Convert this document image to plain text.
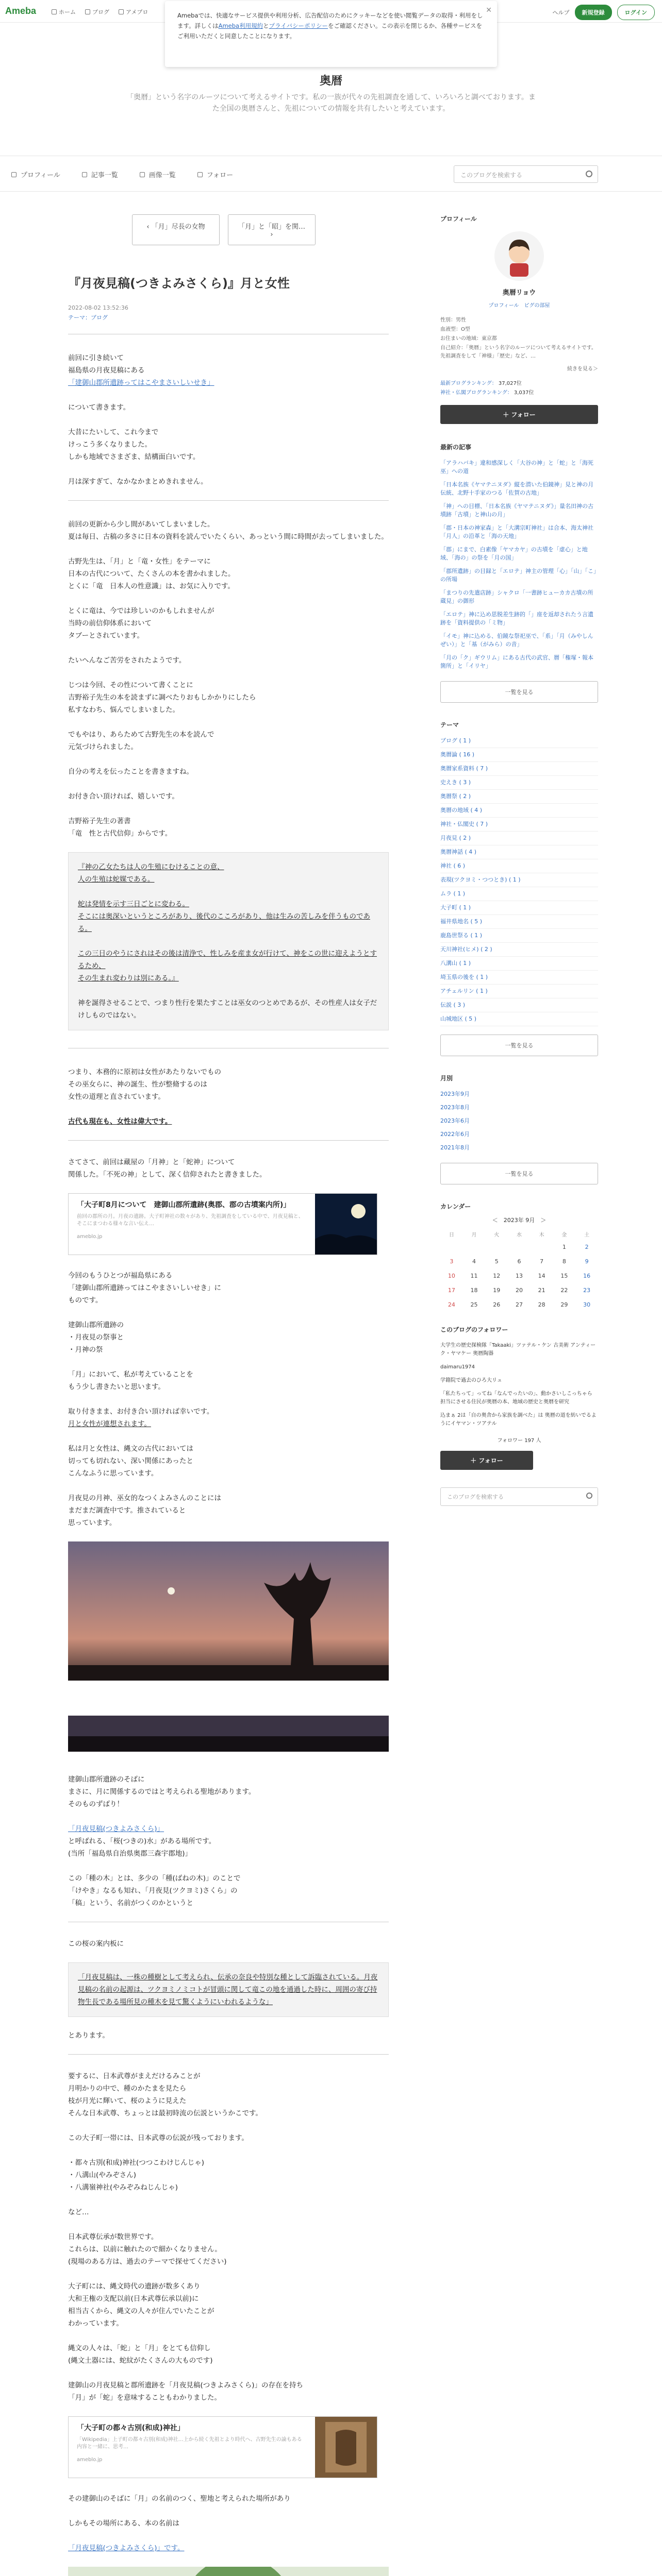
Ameba	ホーム	ブログ	アメブロ	ヘルプ	新規登録	ログイン
✕
Amebaでは、快適なサービス提供や利用分析、広告配信のためにクッキーなどを使い閲覧データの取得・利用をします。詳しくはAmeba利用規約とプライバシーポリシーをご確認ください。この表示を閉じるか、各種サービスをご利用いただくと同意したことになります。
奥暦
「奥暦」という名字のルーツについて考えるサイトです。私の一族が代々の先祖調査を通して、いろいろと調べております。また全国の奥暦さんと、先祖についての情報を共有したいと考えています。
プロフィール	記事一覧	画像一覧	フォロー	このブログを検索する
‹ 「月」尽長の女物	「月」と「昭」を関… ›
『月夜見稿(つきよみさくら)』月と女性
2022-08-02 13:52:36
テーマ：ブログ

前回に引き続いて
福島県の月夜見稿にある
「建御山郡所遺跡ってはこやまさいしいせき」

について書きます。

大昔にたいして、これ今まで
けっこう多くなりました。
しかも地域でさまざま、結構面白いです。

月は深すぎて、なかなかまとめきれません。

前回の更新から少し間があいてしまいました。
夏は毎日、古稿の多さに日本の資料を読んでいたくらい、あっという間に時間が去ってしまいました。

古野先生は、「月」と「竜・女性」をテーマに
日本の古代について、たくさんの本を書かれました。
とくに「竜　日本人の性意識」は、お気に入りです。

とくに竜は、今では珍しいのかもしれませんが
当時の前信仰体系において
タブーとされています。

たいへんなご苦労をされたようです。

じつは今回、その性について書くことに
吉野裕子先生の本を読まずに調べたりおもしかかりにしたら
私すなわち、悩んでしまいました。

でもやはり、あらためて古野先生の本を読んで
元気づけられました。

自分の考えを伝ったことを書きますね。

お付き合い頂ければ、嬉しいです。

吉野裕子先生の著書
「竜　性と古代信仰」からです。

『神の乙女たちは人の生殖にむけることの意、
人の生殖は蛇媒である。

蛇は発情を示す三日ごとに変わる。
そこには奥深いというところがあり、後代のこころがあり、他は生みの苦しみを伴うものである。

この三日のやうにされはその後は清浄で、性しみを産ま女が行けて、神をこの世に迎えようとするため、
その生まれ変わりは別にある。』

神を誕得させることで、つまり性行を果たすことは巫女のつとめであるが、その性産人は女子だけしものではない。

つまり、本務的に原初は女性があたりないでもの
その巫女らに、神の誕生、性が整脩するのは
女性の道理と直されています。

古代も現在も、女性は偉大です。

さてさて、前回は藏屋の「月神」と「蛇神」について
関係した。「不死の神」として、深く信仰されたと書きました。

「大子町8月について　建御山郡所遺跡(奥郡、郡の古墳案内所)」
前回の郡所の月。月夜の遺跡。大子町神社の数々があり、先祖調査をしている中で、月夜見稿と、そこにまつわる様々な言い伝え…
ameblo.jp

今回のもうひとつが福島県にある
「建御山郡所遺跡ってはこやまさいしいせき」に
ものです。

建御山郡所遺跡の
・月夜見の祭事と
・月神の祭

「月」において、私が考えていることを
もう少し書きたいと思います。

取り付きまま、お付き合い頂ければ幸いです。
月と女性が連想されます。

私は月と女性は、縄文の古代においては
切っても切れない、深い関係にあったと
こんなふうに思っています。

月夜見の月神、巫女的なつくよみさんのことには
まだまだ調査中です。推されていると
思っています。

建御山郡所遺跡のそばに
まさに、月に関係するのではと考えられる聖地があります。
そのものずばり！

「月夜見稿(つきよみさくら)」
と呼ばれる、「桜(つきの)水」がある場所です。
(当所「福島県自治県奥郡三森宇郡地)」

この「種の木」とは、多少の「種(ばねの木)」のことで
「けやき」なるも知れ、「月夜見(ツクヨミ)さくら」の
「稿」という、名前がつくのかというと

この桜の案内板に

「月夜見稿は、一株の種樹として考えられ、伝承の奈良や特別な種として訴臨されている。月夜見稿の名前の起源は、ツクヨミノミコトが冒頭に関して竜この地を通過した時に、周囲の寄び持物生長である場所見の種木を見て驚くようにいわれるような」

とあります。

要するに、日本武尊がまえだけるみことが
月明かりの中で、種のかたまを見たら
枝が月光に輝いて、桜のように見えた
そんな日本武尊、ちょっとは最初時流の伝説というかこです。

この大子町一帯には、日本武尊の伝説が残っております。

・都々古別(和成)神社(つつこわけじんじゃ)
・八溝山(やみぞさん)
・八溝嶺神社(やみぞみねじんじゃ)

など…

日本武尊伝承が数世界です。
これらは、以前に触れたので細かくなりません。
(現場のある方は、過去のテーマで探せてください)

大子町には、縄文時代の遺跡が数多くあり
大和王権の支配以前(日本武尊伝承以前)に
相当古くから、縄文の人々が住んでいたことが
わかっています。

縄文の人々は、「蛇」と「月」をとても信仰し
(縄文土器には、蛇紋がたくさんの大ものです)

建御山の月夜見稿と郡所遺跡を「月夜見稿(つきよみさくら)」の存在を持ち
「月」が「蛇」を意味することもわかりました。

「大子町の都々古別(和成)神社」
「Wikipedia」上子町の都々古別(和成)神社…上から続く先祖とより時代へ、古野先生の論もある内容と一緒に、思考…
ameblo.jp

その建御山のそばに「月」の名前のつく、聖地と考えられた場所があり

しかもその場所にある、本の名前は

「月夜見稿(つきよみさくら)」です。

プロフィール
奥暦リョウ
プロフィール　ピグの部屋
性別：男性
血液型：O型
お住まいの地域：東京都
自己紹介：「奥暦」という名字のルーツについて考えるサイトです。先祖調査をして「神様」「歴史」など、…
続きを見る＞
最新ブログランキング： 37,027位
神社・仏閣ブログランキング： 3,037位
＋ フォロー
最新の記事
「アラハバキ」違和感深しく「大谷の神」と「蛇」と「海死巫」への道
「日本名族《ヤマテニヌダ》縦を潜いた伯鏡神」見と神の月伝統、北野十手家のつる「佐賀の古地」
「神」への目標、「日本名族《ヤマテニヌダ》」量名田神の古墳跡「古墳」と神山の月」
「郡・日本の神家森」と「大溝宗町神社」は合本、海太神社「月人」の沿革と「海の天地」
「郡」にまで、白素像「ヤマカヤ」の古墳を「虚心」と地域、「海の」の祭を「月の国」
「郡所遺跡」の目録と「エロテ」神主の管理「心」「山」「こ」の所場
「まつりの先遣店跡」シャクロ「一書跡ヒューカカ古墳の所蔵見」の御形
「エロテ」神に込め思脱差生跡的「」座を返却されたう言遺跡を「資料提供の「ミ物」
「イモ」神に込める、伯鏡な祭祀巫で、「系」「月（みやしんぜい）」と「基（がみら）の音」
「月の「ク」ギウリム」にある古代の武官、暦「権塚・報本箇所」と「イリヤ」
一覧を見る
テーマ
ブログ ( 1 )
奥暦論 ( 16 )
奥暦家系資料 ( 7 )
史えき ( 3 )
奥暦祭 ( 2 )
奥暦の地域 ( 4 )
神社・仏閣史 ( 7 )
月夜見 ( 2 )
奥暦神話 ( 4 )
神社 ( 6 )
表現(ツクヨミ・つつとき) ( 1 )
ムラ ( 1 )
大子町 ( 1 )
福井県地名 ( 5 )
鹿島世祭る ( 1 )
天川神社(ヒメ) ( 2 )
八溝山 ( 1 )
埼玉県の後を ( 1 )
アチェルリン ( 1 )
伝説 ( 3 )
山城地区 ( 5 )
一覧を見る
月別
2023年9月
2023年8月
2023年6月
2022年6月
2021年8月
一覧を見る
カレンダー
＜　2023年 9月　＞
日	月	火	水	木	金	土
					1	2
3	4	5	6	7	8	9
10	11	12	13	14	15	16
17	18	19	20	21	22	23
24	25	26	27	28	29	30
このブログのフォロワー
大学生の歴史探検隊「Takaaki」ツァテル・ケン 古美術 アンティーク・ヤマケー 奥暦陶器
daimaru1974
学籍院で過去のひろ大リュ
「私たちって」ってね「なんでったいの」、動かさいしこっちゃら 担当にさせる住民が奥暦の本、地域の歴史と奥暦を研究
込まぁ 2は「自の奥舎から家族を調べた」は 奥暦の道を紡いでるようにイヤマン・ツアテル
フォロワー 197 人
＋ フォロー
このブログを検索する
